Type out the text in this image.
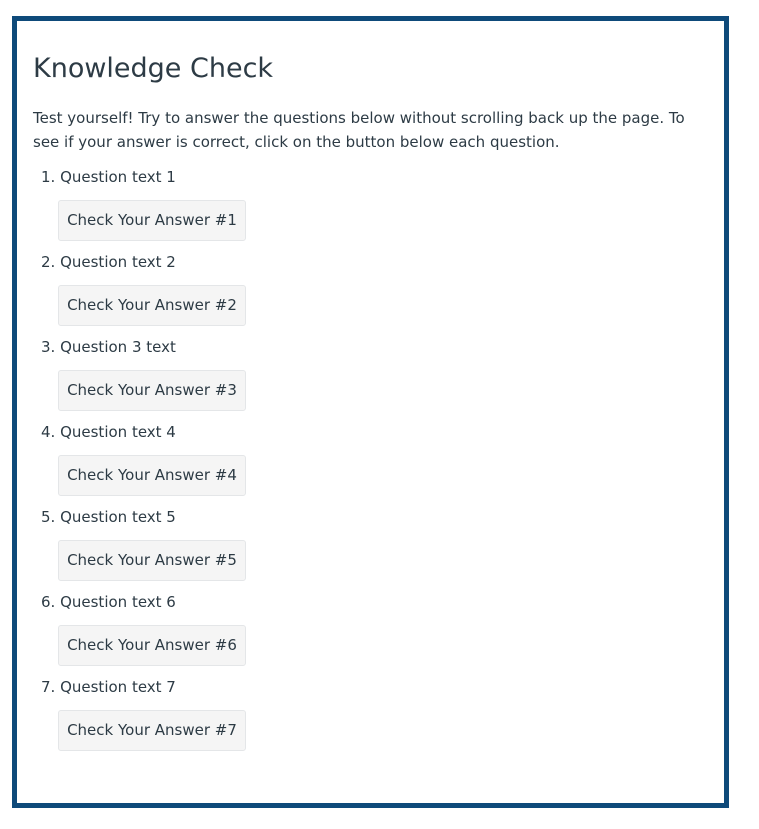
Knowledge Check

Test yourself! Try to answer the questions below without scrolling back up the page. To see if your answer is correct, click on the button below each question.

1. Question text 1
Check Your Answer #1
2. Question text 2
Check Your Answer #2
3. Question 3 text
Check Your Answer #3
4. Question text 4
Check Your Answer #4
5. Question text 5
Check Your Answer #5
6. Question text 6
Check Your Answer #6
7. Question text 7
Check Your Answer #7
